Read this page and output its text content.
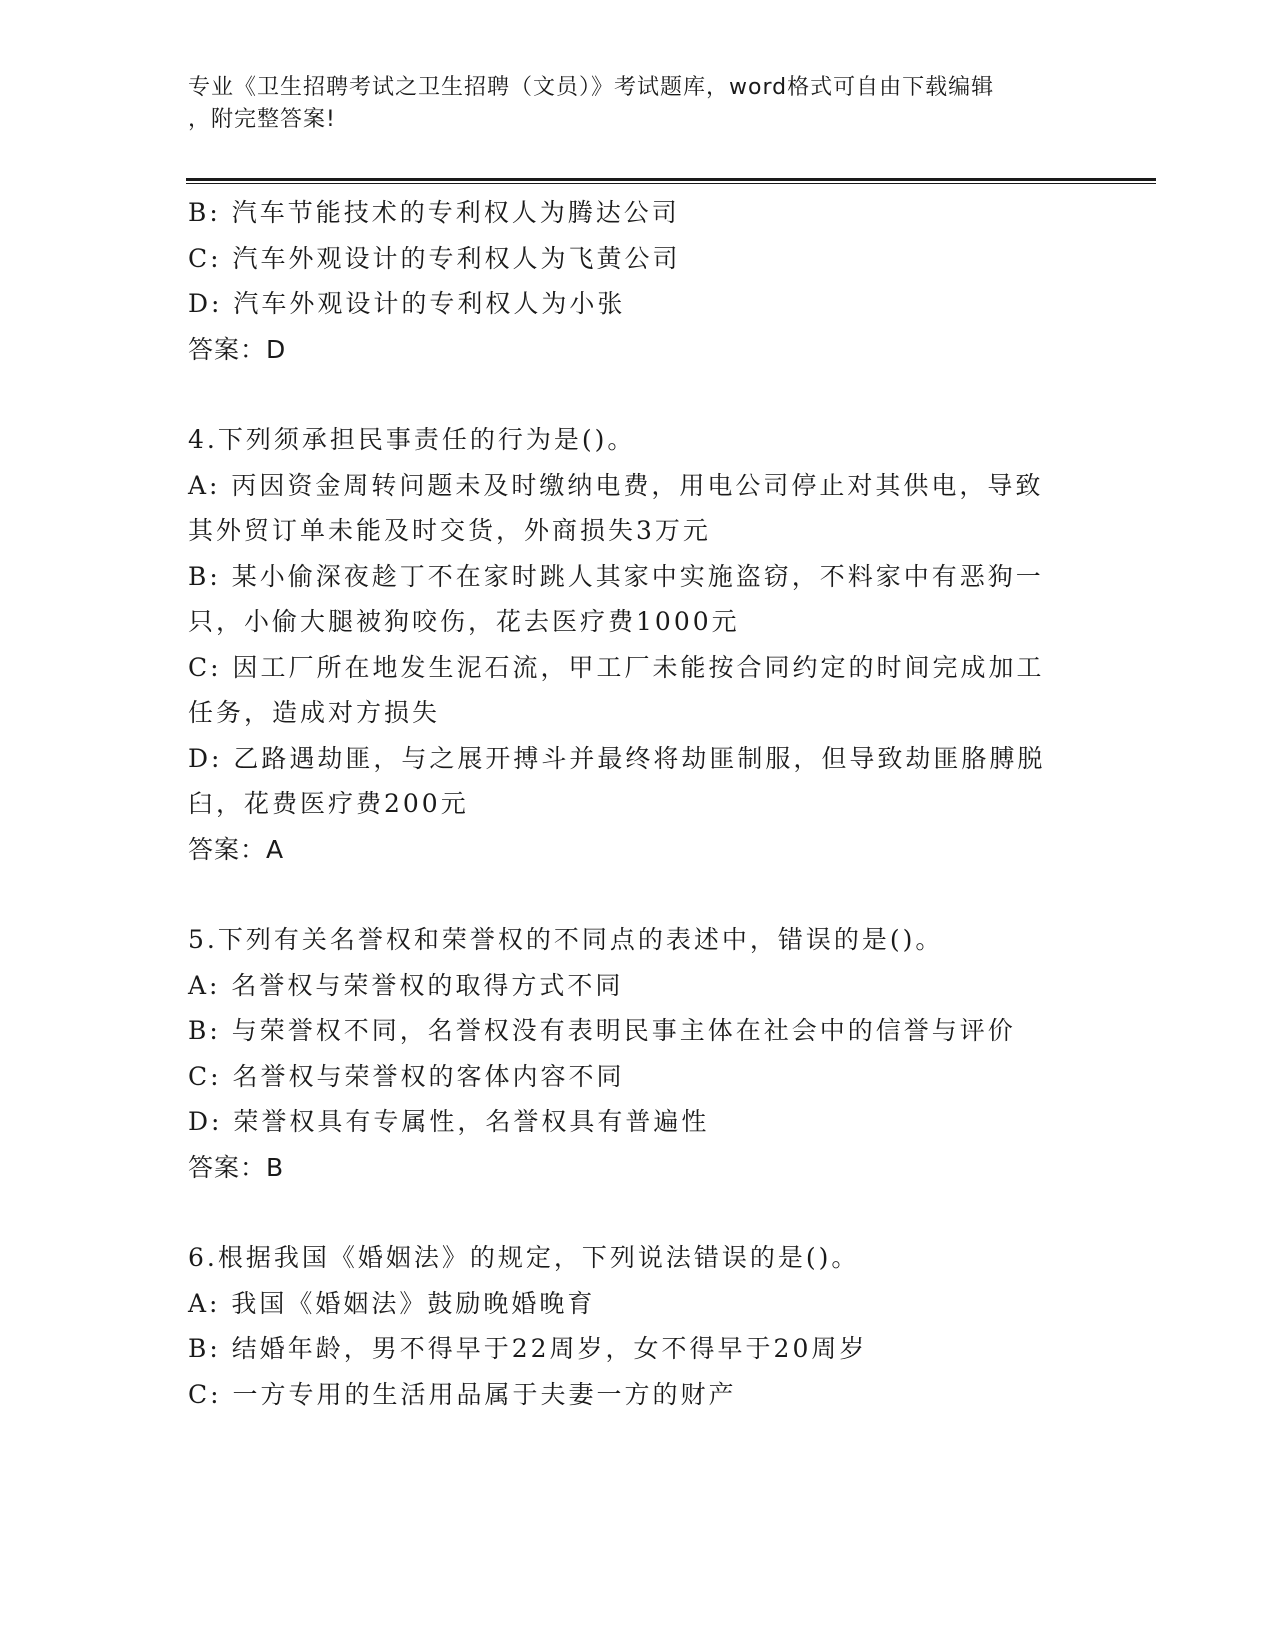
专业《卫生招聘考试之卫生招聘（文员）》考试题库，word格式可自由下载编辑
，附完整答案!
B: 汽车节能技术的专利权人为腾达公司
C: 汽车外观设计的专利权人为飞黄公司
D: 汽车外观设计的专利权人为小张
答案：D
4.下列须承担民事责任的行为是()。
A: 丙因资金周转问题未及时缴纳电费，用电公司停止对其供电，导致
其外贸订单未能及时交货，外商损失3万元
B: 某小偷深夜趁丁不在家时跳人其家中实施盗窃，不料家中有恶狗一
只，小偷大腿被狗咬伤，花去医疗费1000元
C: 因工厂所在地发生泥石流，甲工厂未能按合同约定的时间完成加工
任务，造成对方损失
D: 乙路遇劫匪，与之展开搏斗并最终将劫匪制服，但导致劫匪胳膊脱
臼，花费医疗费200元
答案：A
5.下列有关名誉权和荣誉权的不同点的表述中，错误的是()。
A: 名誉权与荣誉权的取得方式不同
B: 与荣誉权不同，名誉权没有表明民事主体在社会中的信誉与评价
C: 名誉权与荣誉权的客体内容不同
D: 荣誉权具有专属性，名誉权具有普遍性
答案：B
6.根据我国《婚姻法》的规定，下列说法错误的是()。
A: 我国《婚姻法》鼓励晚婚晚育
B: 结婚年龄，男不得早于22周岁，女不得早于20周岁
C: 一方专用的生活用品属于夫妻一方的财产
